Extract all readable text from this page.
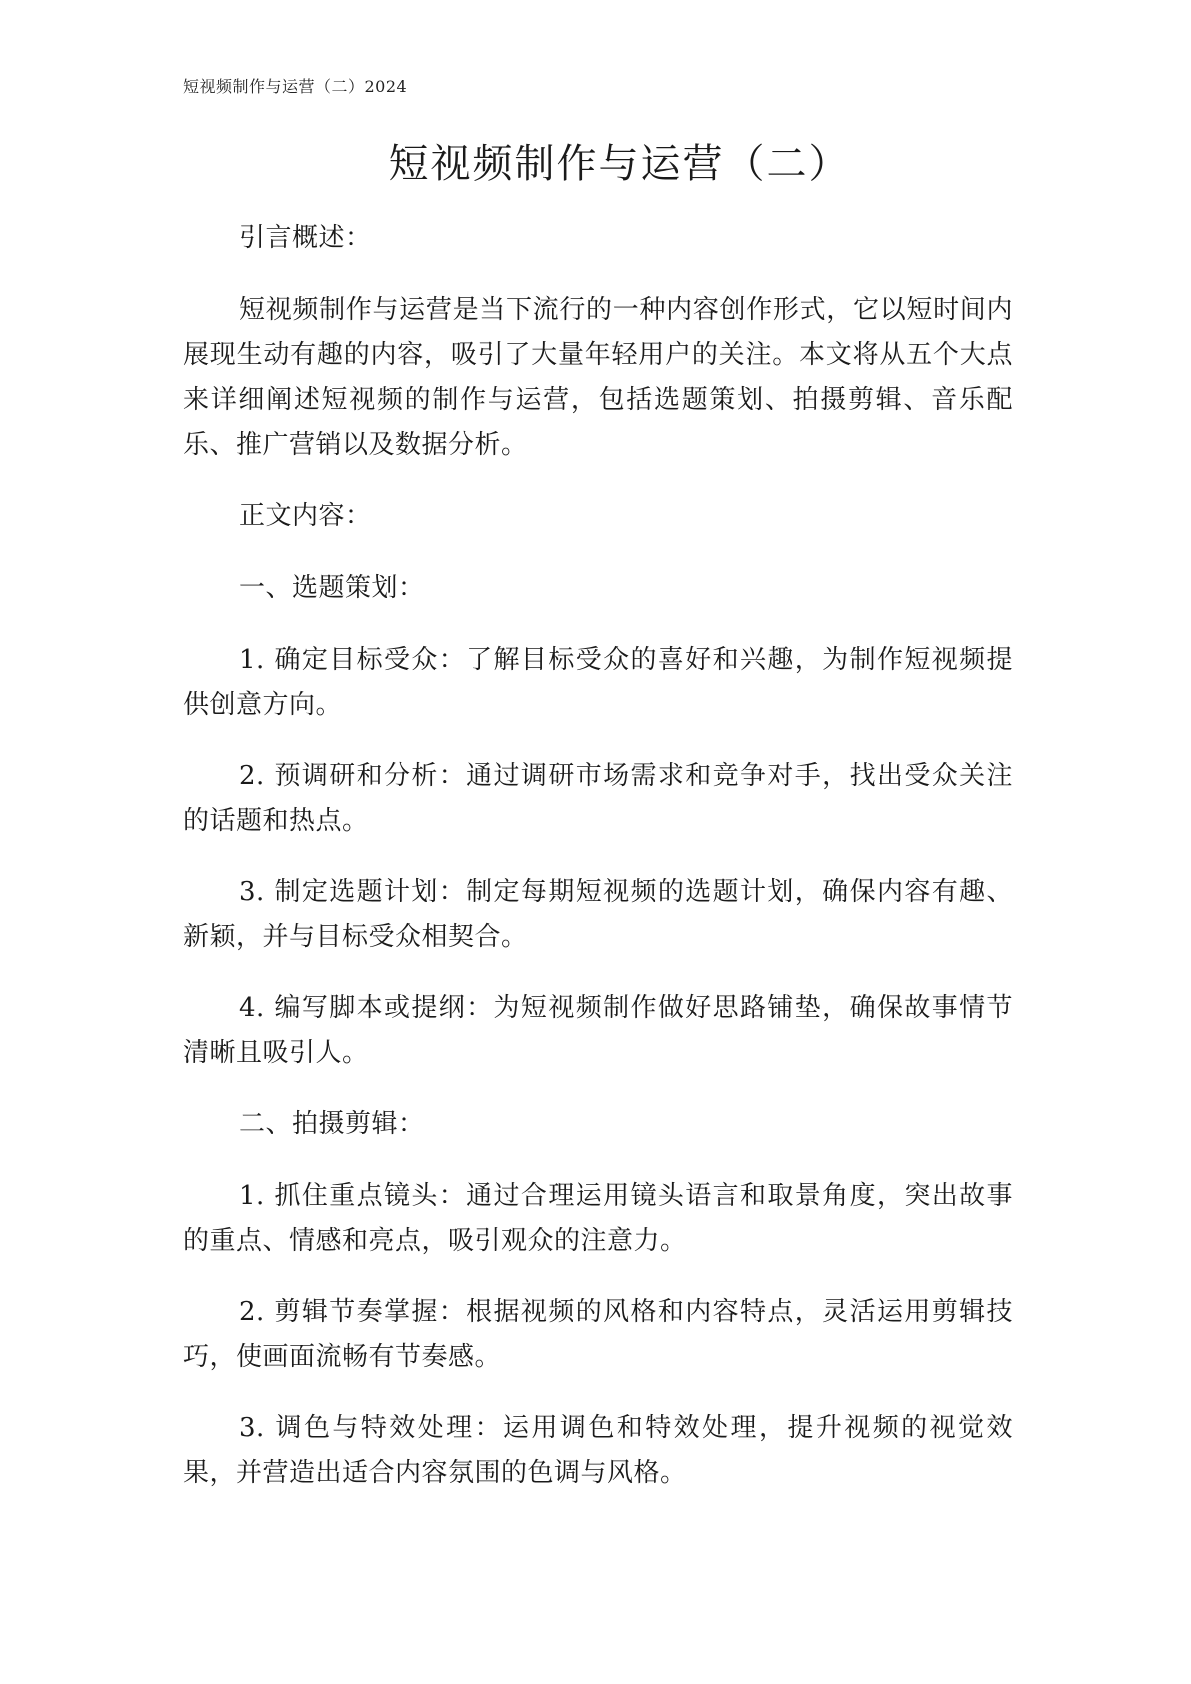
短视频制作与运营（二）2024
短视频制作与运营（二）

引言概述：

短视频制作与运营是当下流行的一种内容创作形式，它以短时间内展现生动有趣的内容，吸引了大量年轻用户的关注。本文将从五个大点来详细阐述短视频的制作与运营，包括选题策划、拍摄剪辑、音乐配乐、推广营销以及数据分析。

正文内容：

一、选题策划：

1. 确定目标受众：了解目标受众的喜好和兴趣，为制作短视频提供创意方向。

2. 预调研和分析：通过调研市场需求和竞争对手，找出受众关注的话题和热点。

3. 制定选题计划：制定每期短视频的选题计划，确保内容有趣、新颖，并与目标受众相契合。

4. 编写脚本或提纲：为短视频制作做好思路铺垫，确保故事情节清晰且吸引人。

二、拍摄剪辑：

1. 抓住重点镜头：通过合理运用镜头语言和取景角度，突出故事的重点、情感和亮点，吸引观众的注意力。

2. 剪辑节奏掌握：根据视频的风格和内容特点，灵活运用剪辑技巧，使画面流畅有节奏感。

3. 调色与特效处理：运用调色和特效处理，提升视频的视觉效果，并营造出适合内容氛围的色调与风格。
